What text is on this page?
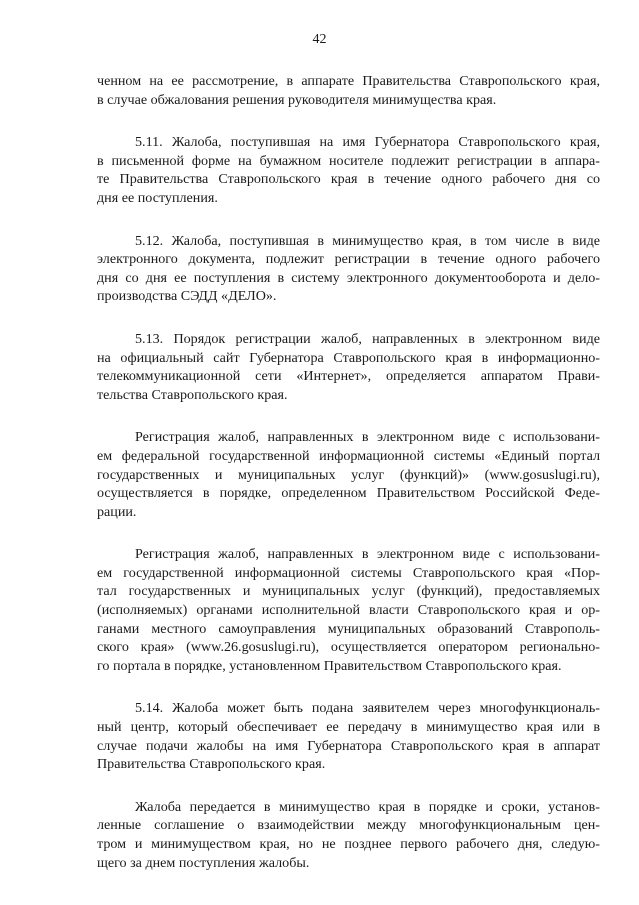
42

ченном на ее рассмотрение, в аппарате Правительства Ставропольского края,
в случае обжалования решения руководителя минимущества края.

5.11. Жалоба, поступившая на имя Губернатора Ставропольского края,
в письменной форме на бумажном носителе подлежит регистрации в аппара-
те Правительства Ставропольского края в течение одного рабочего дня со
дня ее поступления.

5.12. Жалоба, поступившая в минимущество края, в том числе в виде
электронного документа, подлежит регистрации в течение одного рабочего
дня со дня ее поступления в систему электронного документооборота и дело-
производства СЭДД «ДЕЛО».

5.13. Порядок регистрации жалоб, направленных в электронном виде
на официальный сайт Губернатора Ставропольского края в информационно-
телекоммуникационной сети «Интернет», определяется аппаратом Прави-
тельства Ставропольского края.

Регистрация жалоб, направленных в электронном виде с использовани-
ем федеральной государственной информационной системы «Единый портал
государственных и муниципальных услуг (функций)» (www.gosuslugi.ru),
осуществляется в порядке, определенном Правительством Российской Феде-
рации.

Регистрация жалоб, направленных в электронном виде с использовани-
ем государственной информационной системы Ставропольского края «Пор-
тал государственных и муниципальных услуг (функций), предоставляемых
(исполняемых) органами исполнительной власти Ставропольского края и ор-
ганами местного самоуправления муниципальных образований Ставрополь-
ского края» (www.26.gosuslugi.ru), осуществляется оператором регионально-
го портала в порядке, установленном Правительством Ставропольского края.

5.14. Жалоба может быть подана заявителем через многофункциональ-
ный центр, который обеспечивает ее передачу в минимущество края или в
случае подачи жалобы на имя Губернатора Ставропольского края в аппарат
Правительства Ставропольского края.

Жалоба передается в минимущество края в порядке и сроки, установ-
ленные соглашение о взаимодействии между многофункциональным цен-
тром и минимуществом края, но не позднее первого рабочего дня, следую-
щего за днем поступления жалобы.
